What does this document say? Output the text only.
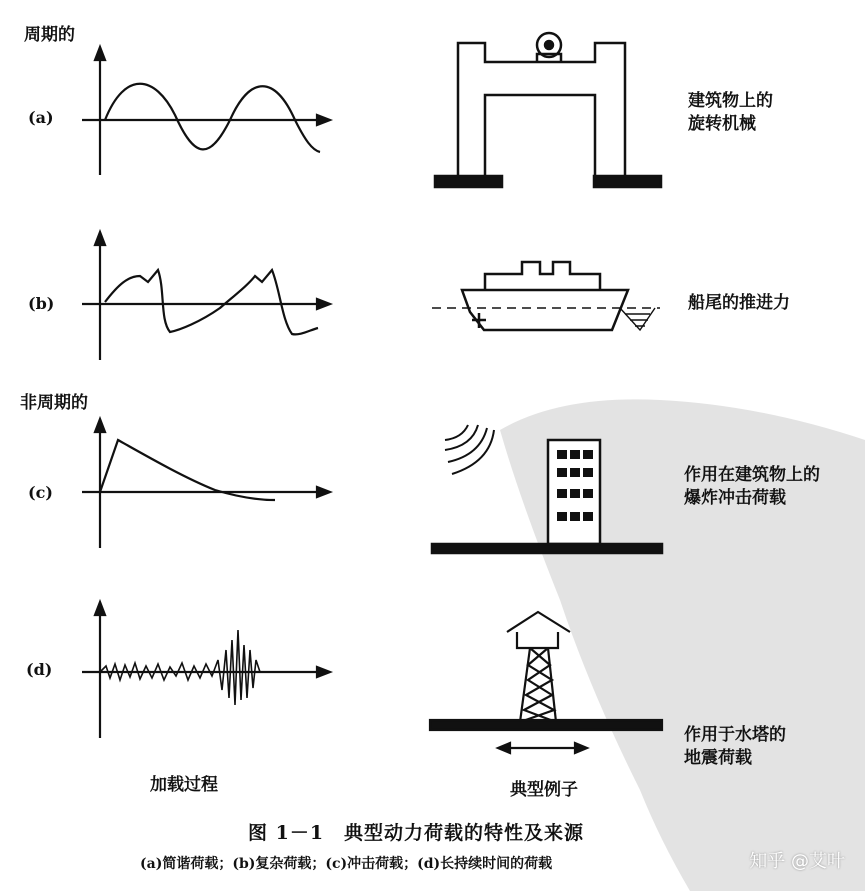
周期的
非周期的
(a)
(b)
(c)
(d)
建筑物上的
旋转机械
船尾的推进力
作用在建筑物上的
爆炸冲击荷载
作用于水塔的
地震荷载
加载过程	典型例子
图 1－1　典型动力荷载的特性及来源
(a)简谐荷载；(b)复杂荷载；(c)冲击荷载；(d)长持续时间的荷载	知乎 @艾叶
